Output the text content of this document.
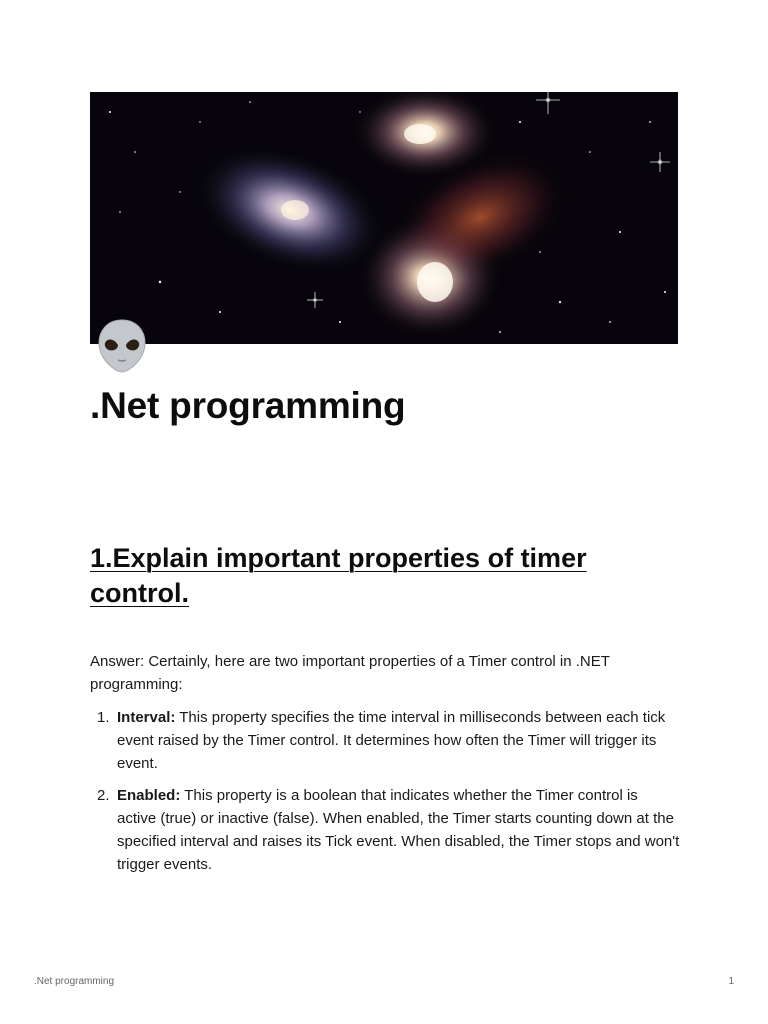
.Net programming
1.Explain important properties of timer control.

Answer: Certainly, here are two important properties of a Timer control in .NET programming:

1. Interval: This property specifies the time interval in milliseconds between each tick event raised by the Timer control. It determines how often the Timer will trigger its event.
2. Enabled: This property is a boolean that indicates whether the Timer control is active (true) or inactive (false). When enabled, the Timer starts counting down at the specified interval and raises its Tick event. When disabled, the Timer stops and won't trigger events.
.Net programming	1
